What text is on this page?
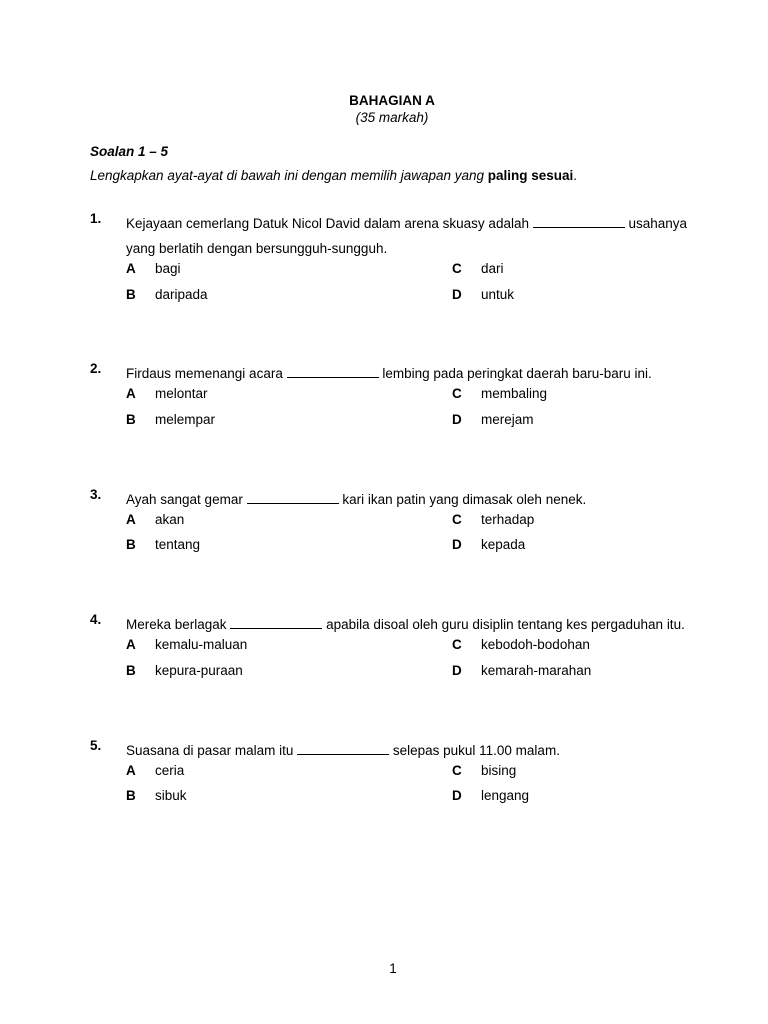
BAHAGIAN A
(35 markah)
Soalan 1 – 5
Lengkapkan ayat-ayat di bawah ini dengan memilih jawapan yang paling sesuai.
1. Kejayaan cemerlang Datuk Nicol David dalam arena skuasy adalah	usahanya
yang berlatih dengan bersungguh-sungguh.
A bagi
B daripada
C dari
D untuk
2. Firdaus memenangi acara	lembing pada peringkat daerah baru-baru ini.
A melontar
B melempar
C membaling
D merejam
3. Ayah sangat gemar	kari ikan patin yang dimasak oleh nenek.
A akan
B tentang
C terhadap
D kepada
4. Mereka berlagak	apabila disoal oleh guru disiplin tentang kes pergaduhan itu.
A kemalu-maluan
B kepura-puraan
C kebodoh-bodohan
D kemarah-marahan
5. Suasana di pasar malam itu	selepas pukul 11.00 malam.
A ceria
B sibuk
C bising
D lengang
1
